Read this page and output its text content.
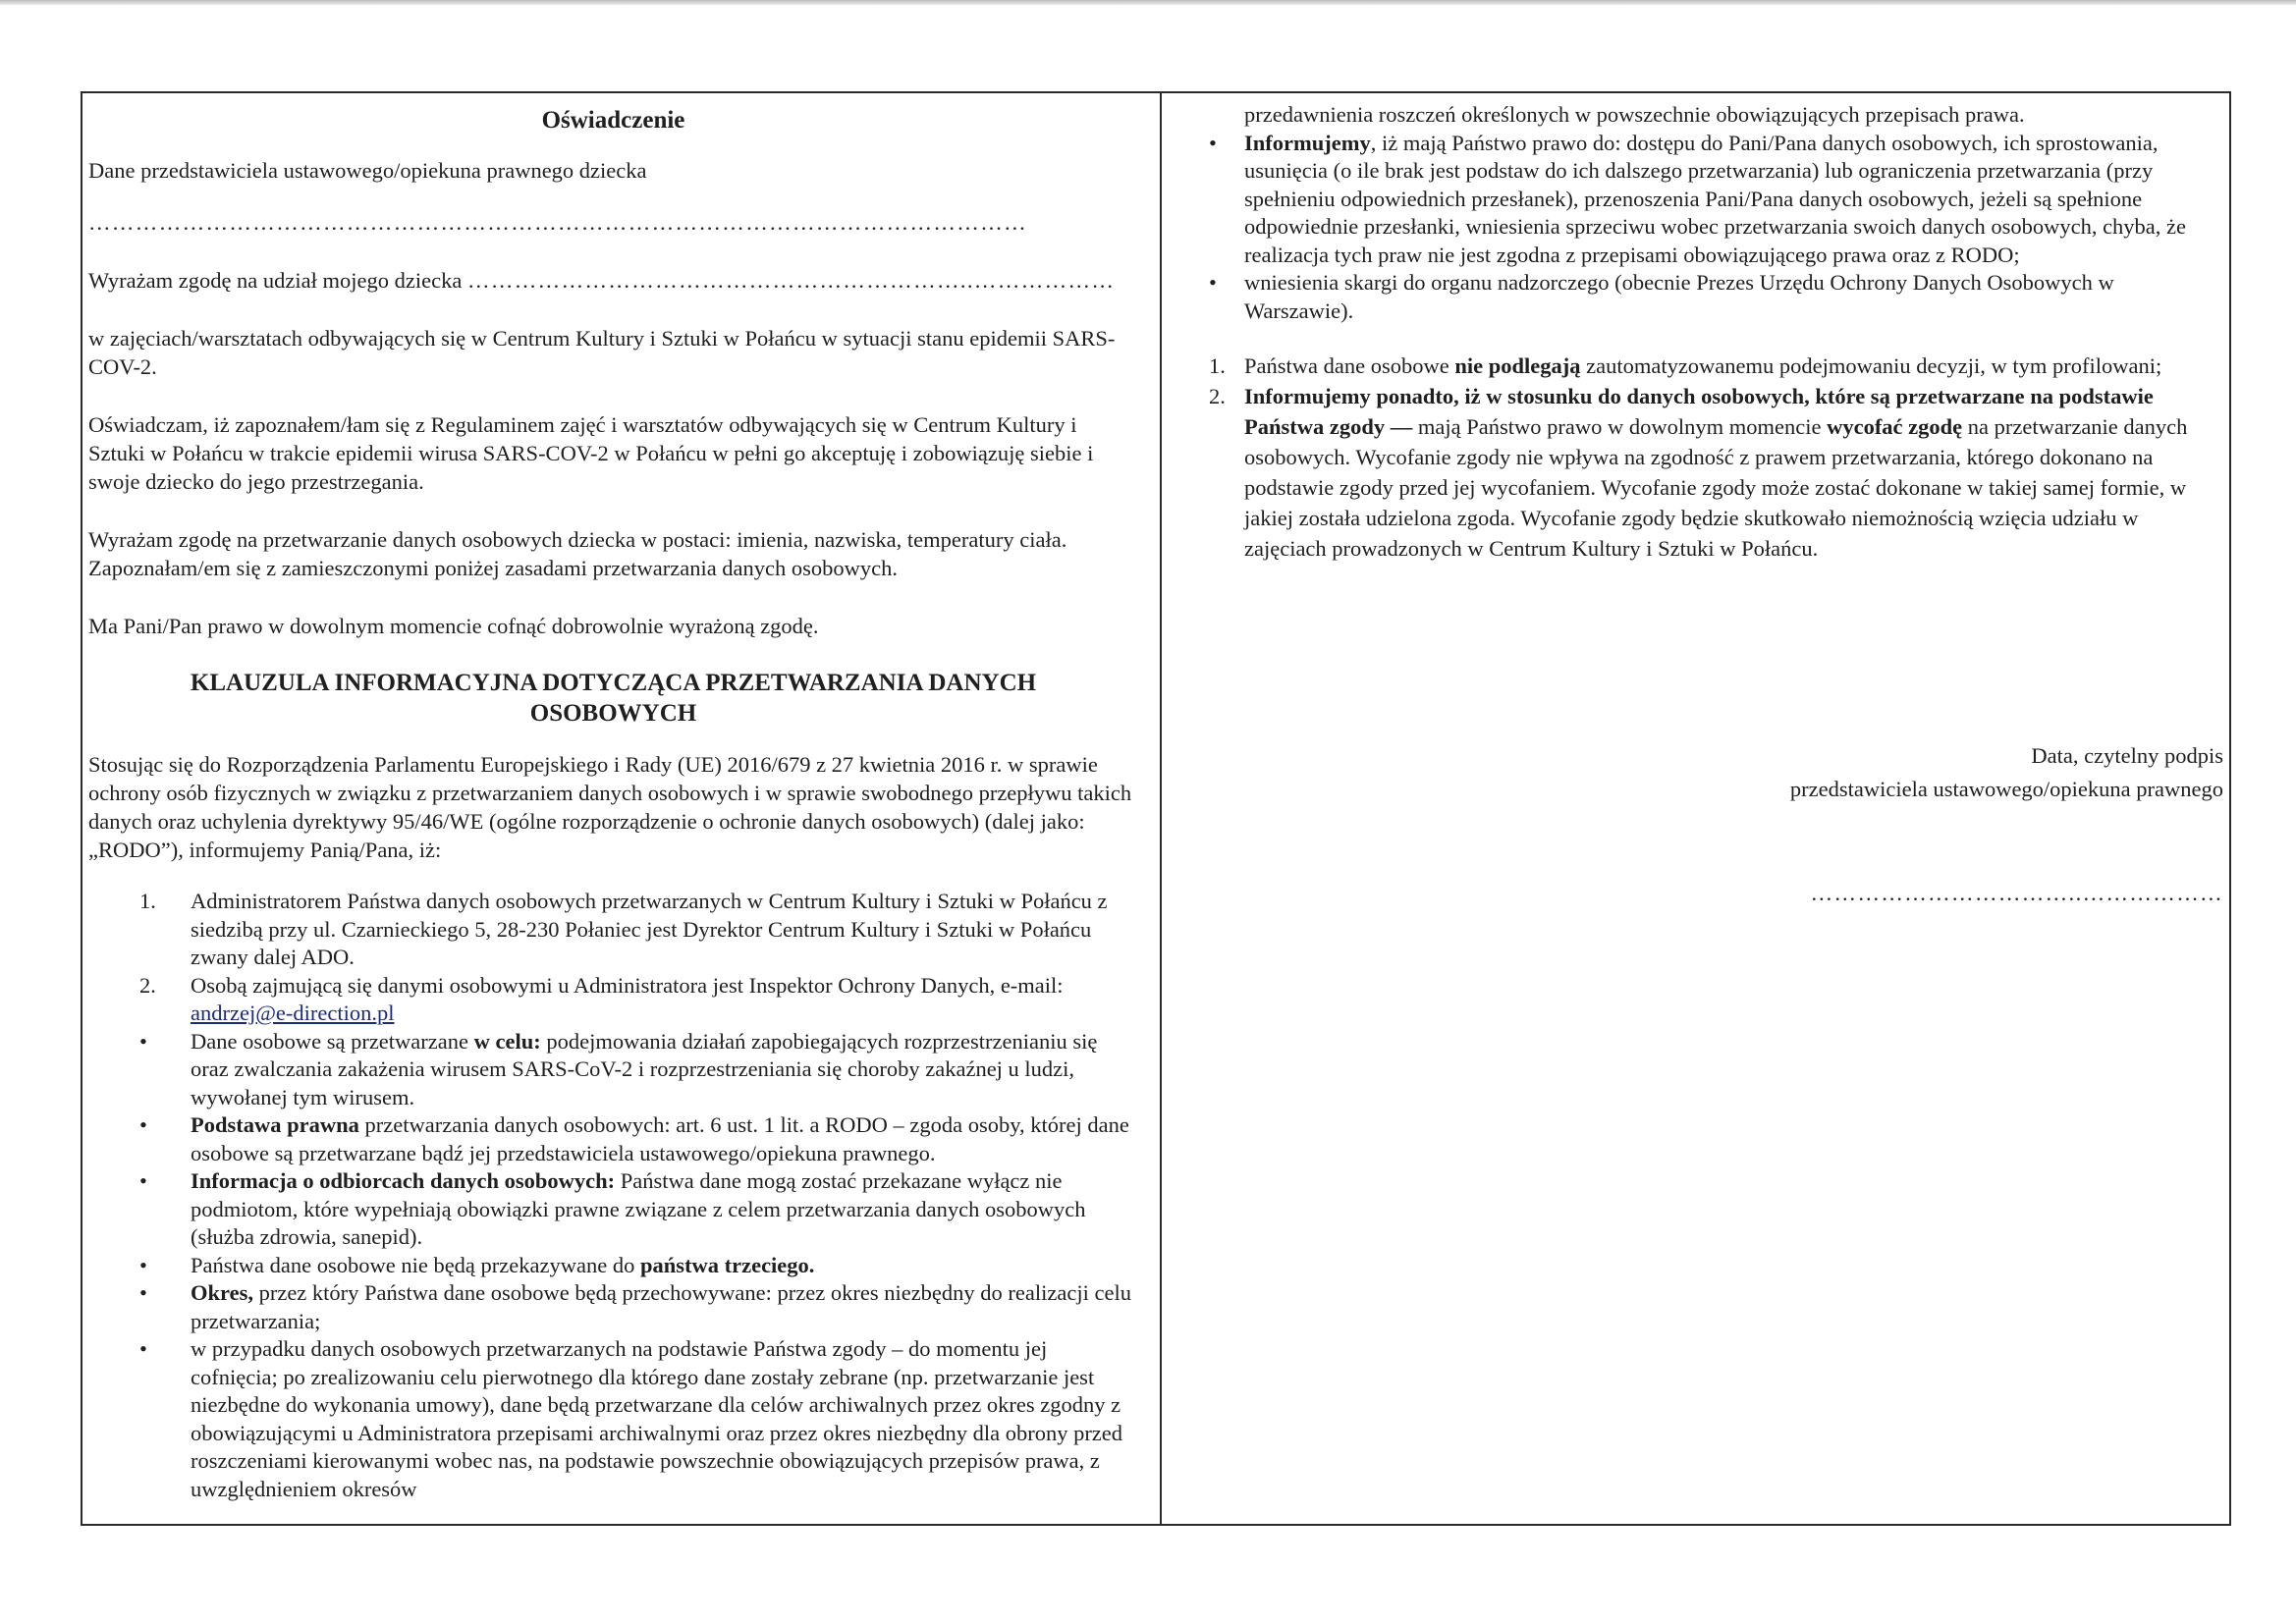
Oświadczenie

Dane przedstawiciela ustawowego/opiekuna prawnego dziecka

…………………………………………………………………………………………………………

Wyrażam zgodę na udział mojego dziecka ………………………………………………………..………………

w zajęciach/warsztatach odbywających się w Centrum Kultury i Sztuki w Połańcu w sytuacji stanu epidemii SARS-COV-2.

Oświadczam, iż zapoznałem/łam się z Regulaminem zajęć i warsztatów odbywających się w Centrum Kultury i Sztuki w Połańcu w trakcie epidemii wirusa SARS-COV-2 w Połańcu w pełni go akceptuję i zobowiązuję siebie i swoje dziecko do jego przestrzegania.

Wyrażam zgodę na przetwarzanie danych osobowych dziecka w postaci: imienia, nazwiska, temperatury ciała. Zapoznałam/em się z zamieszczonymi poniżej zasadami przetwarzania danych osobowych.

Ma Pani/Pan prawo w dowolnym momencie cofnąć dobrowolnie wyrażoną zgodę.

KLAUZULA INFORMACYJNA DOTYCZĄCA PRZETWARZANIA DANYCH OSOBOWYCH

Stosując się do Rozporządzenia Parlamentu Europejskiego i Rady (UE) 2016/679 z 27 kwietnia 2016 r. w sprawie ochrony osób fizycznych w związku z przetwarzaniem danych osobowych i w sprawie swobodnego przepływu takich danych oraz uchylenia dyrektywy 95/46/WE (ogólne rozporządzenie o ochronie danych osobowych) (dalej jako: „RODO”), informujemy Panią/Pana, iż:

1. Administratorem Państwa danych osobowych przetwarzanych w Centrum Kultury i Sztuki w Połańcu z siedzibą przy ul. Czarnieckiego 5, 28-230 Połaniec jest Dyrektor Centrum Kultury i Sztuki w Połańcu zwany dalej ADO.
2. Osobą zajmującą się danymi osobowymi u Administratora jest Inspektor Ochrony Danych, e-mail: andrzej@e-direction.pl
• Dane osobowe są przetwarzane w celu: podejmowania działań zapobiegających rozprzestrzenianiu się oraz zwalczania zakażenia wirusem SARS-CoV-2 i rozprzestrzeniania się choroby zakaźnej u ludzi, wywołanej tym wirusem.
• Podstawa prawna przetwarzania danych osobowych: art. 6 ust. 1 lit. a RODO – zgoda osoby, której dane osobowe są przetwarzane bądź jej przedstawiciela ustawowego/opiekuna prawnego.
• Informacja o odbiorcach danych osobowych: Państwa dane mogą zostać przekazane wyłącz nie podmiotom, które wypełniają obowiązki prawne związane z celem przetwarzania danych osobowych (służba zdrowia, sanepid).
• Państwa dane osobowe nie będą przekazywane do państwa trzeciego.
• Okres, przez który Państwa dane osobowe będą przechowywane: przez okres niezbędny do realizacji celu przetwarzania;
• w przypadku danych osobowych przetwarzanych na podstawie Państwa zgody – do momentu jej cofnięcia; po zrealizowaniu celu pierwotnego dla którego dane zostały zebrane (np. przetwarzanie jest niezbędne do wykonania umowy), dane będą przetwarzane dla celów archiwalnych przez okres zgodny z obowiązującymi u Administratora przepisami archiwalnymi oraz przez okres niezbędny dla obrony przed roszczeniami kierowanymi wobec nas, na podstawie powszechnie obowiązujących przepisów prawa, z uwzględnieniem okresów
przedawnienia roszczeń określonych w powszechnie obowiązujących przepisach prawa.
•	Informujemy, iż mają Państwo prawo do: dostępu do Pani/Pana danych osobowych, ich sprostowania, usunięcia (o ile brak jest podstaw do ich dalszego przetwarzania) lub ograniczenia przetwarzania (przy spełnieniu odpowiednich przesłanek), przenoszenia Pani/Pana danych osobowych, jeżeli są spełnione odpowiednie przesłanki, wniesienia sprzeciwu wobec przetwarzania swoich danych osobowych, chyba, że realizacja tych praw nie jest zgodna z przepisami obowiązującego prawa oraz z RODO;
•	wniesienia skargi do organu nadzorczego (obecnie Prezes Urzędu Ochrony Danych Osobowych w Warszawie).
1. Państwa dane osobowe nie podlegają zautomatyzowanemu podejmowaniu decyzji, w tym profilowani;
2. Informujemy ponadto, iż w stosunku do danych osobowych, które są przetwarzane na podstawie Państwa zgody — mają Państwo prawo w dowolnym momencie wycofać zgodę na przetwarzanie danych osobowych. Wycofanie zgody nie wpływa na zgodność z prawem przetwarzania, którego dokonano na podstawie zgody przed jej wycofaniem. Wycofanie zgody może zostać dokonane w takiej samej formie, w jakiej została udzielona zgoda. Wycofanie zgody będzie skutkowało niemożnością wzięcia udziału w zajęciach prowadzonych w Centrum Kultury i Sztuki w Połańcu.
Data, czytelny podpis
przedstawiciela ustawowego/opiekuna prawnego
……………………………..………………
